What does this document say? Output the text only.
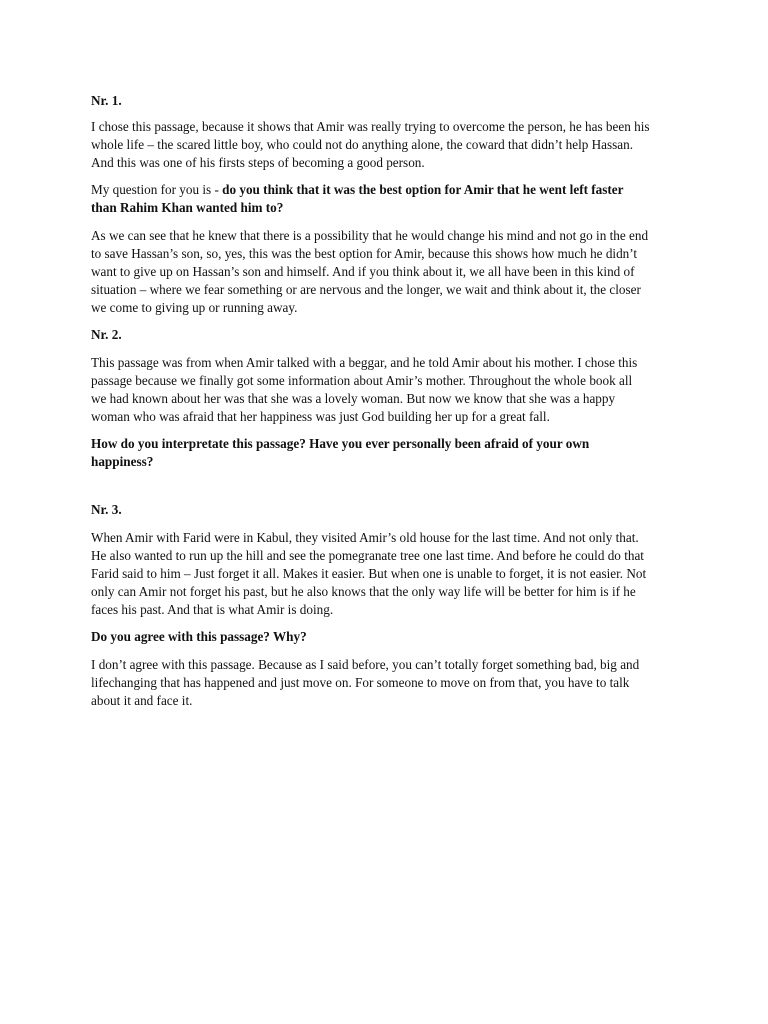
Nr. 1.

I chose this passage, because it shows that Amir was really trying to overcome the person, he has been his
whole life – the scared little boy, who could not do anything alone, the coward that didn’t help Hassan.
And this was one of his firsts steps of becoming a good person.

My question for you is - do you think that it was the best option for Amir that he went left faster
than Rahim Khan wanted him to?

As we can see that he knew that there is a possibility that he would change his mind and not go in the end
to save Hassan’s son, so, yes, this was the best option for Amir, because this shows how much he didn’t
want to give up on Hassan’s son and himself. And if you think about it, we all have been in this kind of
situation – where we fear something or are nervous and the longer, we wait and think about it, the closer
we come to giving up or running away.

Nr. 2.

This passage was from when Amir talked with a beggar, and he told Amir about his mother. I chose this
passage because we finally got some information about Amir’s mother. Throughout the whole book all
we had known about her was that she was a lovely woman. But now we know that she was a happy
woman who was afraid that her happiness was just God building her up for a great fall.

How do you interpretate this passage? Have you ever personally been afraid of your own
happiness?

Nr. 3.

When Amir with Farid were in Kabul, they visited Amir’s old house for the last time. And not only that.
He also wanted to run up the hill and see the pomegranate tree one last time. And before he could do that
Farid said to him – Just forget it all. Makes it easier. But when one is unable to forget, it is not easier. Not
only can Amir not forget his past, but he also knows that the only way life will be better for him is if he
faces his past. And that is what Amir is doing.

Do you agree with this passage? Why?

I don’t agree with this passage. Because as I said before, you can’t totally forget something bad, big and
lifechanging that has happened and just move on. For someone to move on from that, you have to talk
about it and face it.
